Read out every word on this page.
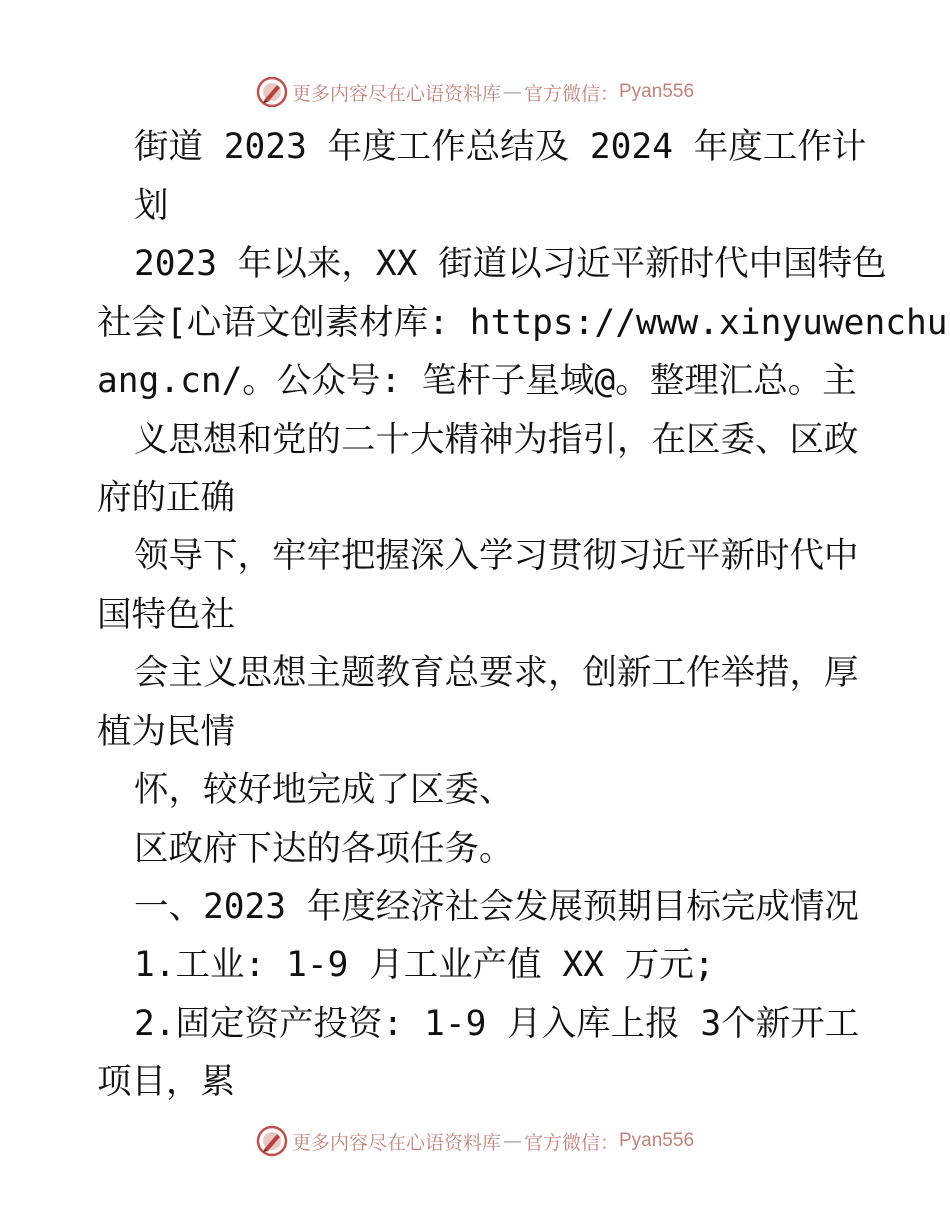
更多内容尽在心语资料库 — 官方微信： Pyan556
街道 2023 年度工作总结及 2024 年度工作计
划
2023 年以来，XX 街道以习近平新时代中国特色
社会[心语文创素材库: https://www.xinyuwenchu
ang.cn/。公众号: 笔杆子星域@。整理汇总。主
义思想和党的二十大精神为指引，在区委、区政
府的正确
领导下，牢牢把握深入学习贯彻习近平新时代中
国特色社
会主义思想主题教育总要求，创新工作举措，厚
植为民情
怀，较好地完成了区委、
区政府下达的各项任务。
一、2023 年度经济社会发展预期目标完成情况
1.工业: 1-9 月工业产值 XX 万元;
2.固定资产投资: 1-9 月入库上报 3个新开工
项目，累
更多内容尽在心语资料库 — 官方微信： Pyan556
